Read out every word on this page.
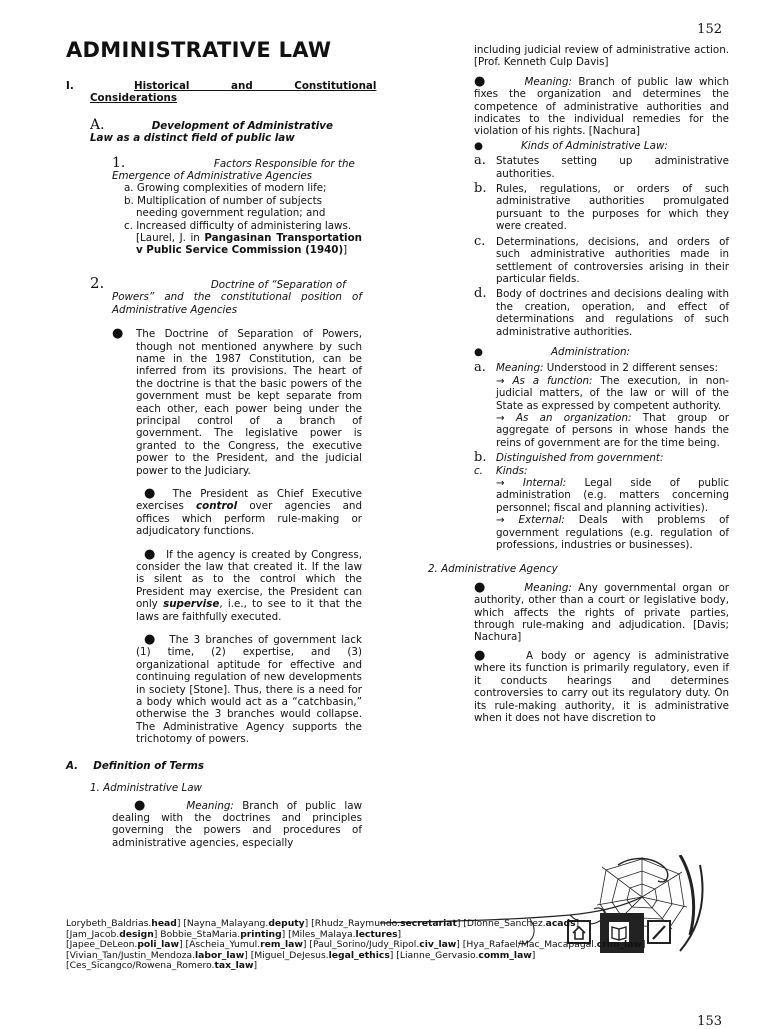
152
ADMINISTRATIVE LAW
I.	Historical and Constitutional
Considerations
A.	Development of Administrative
Law as a distinct field of public law
1.	Factors Responsible for the
Emergence of Administrative Agencies

a. Growing complexities of modern life;

b. Multiplication of number of subjects needing government regulation; and

c. Increased difficulty of administering laws.

[Laurel, J. in Pangasinan Transportation v Public Service Commission (1940)]

2.	Doctrine of “Separation of
Powers” and the constitutional position of Administrative Agencies
●	The Doctrine of Separation of Powers, though not mentioned anywhere by such name in the 1987 Constitution, can be inferred from its provisions. The heart of the doctrine is that the basic powers of the government must be kept separate from each other, each power being under the principal control of a branch of government. The legislative power is granted to the Congress, the executive power to the President, and the judicial power to the Judiciary.

● The President as Chief Executive exercises control over agencies and offices which perform rule-making or adjudicatory functions.

● If the agency is created by Congress, consider the law that created it. If the law is silent as to the control which the President may exercise, the President can only supervise, i.e., to see to it that the laws are faithfully executed.

● The 3 branches of government lack (1) time, (2) expertise, and (3) organizational aptitude for effective and continuing regulation of new developments in society [Stone]. Thus, there is a need for a body which would act as a “catchbasin,” otherwise the 3 branches would collapse. The Administrative Agency supports the trichotomy of powers.

A. Definition of Terms
1. Administrative Law

●	Meaning: Branch of public law dealing with the doctrines and principles governing the powers and procedures of administrative agencies, especially

including judicial review of administrative action. [Prof. Kenneth Culp Davis]

●	Meaning: Branch of public law which fixes the organization and determines the competence of administrative authorities and indicates to the individual remedies for the violation of his rights. [Nachura]

●	Kinds of Administrative Law:
a. Statutes setting up administrative authorities.

b. Rules, regulations, or orders of such administrative authorities promulgated pursuant to the purposes for which they were created.

c.	Determinations, decisions, and orders of such administrative authorities made in settlement of controversies arising in their particular fields.

d. Body of doctrines and decisions dealing with the creation, operation, and effect of determinations and regulations of such administrative authorities.

●	Administration:
a. Meaning: Understood in 2 different senses:

→ As a function: The execution, in non-judicial matters, of the law or will of the State as expressed by competent authority.

→ As an organization: That group or aggregate of persons in whose hands the reins of government are for the time being.

b. Distinguished from government:

c.	Kinds:

→ Internal: Legal side of public administration (e.g. matters concerning personnel; fiscal and planning activities).

→ External: Deals with problems of government regulations (e.g. regulation of professions, industries or businesses).

2. Administrative Agency

●	Meaning: Any governmental organ or authority, other than a court or legislative body, which affects the rights of private parties, through rule-making and adjudication. [Davis; Nachura]

●	A body or agency is administrative where its function is primarily regulatory, even if it conducts hearings and determines controversies to carry out its regulatory duty. On its rule-making authority, it is administrative when it does not have discretion to

Lorybeth_Baldrias.head] [Nayna_Malayang.deputy] [Rhudz_Raymundo.secretariat] [Dionne_Sanchez.acads]
[Jam_Jacob.design] Bobbie_StaMaria.printing] [Miles_Malaya.lectures]
[Japee_DeLeon.poli_law] [Ascheia_Yumul.rem_law] [Paul_Sorino/Judy_Ripol.civ_law] [Hya_Rafael/Mac_Macapagal.crim_law]
[Vivian_Tan/Justin_Mendoza.labor_law] [Miguel_DeJesus.legal_ethics] [Lianne_Gervasio.comm_law] [Ces_Sicangco/Rowena_Romero.tax_law]
153
